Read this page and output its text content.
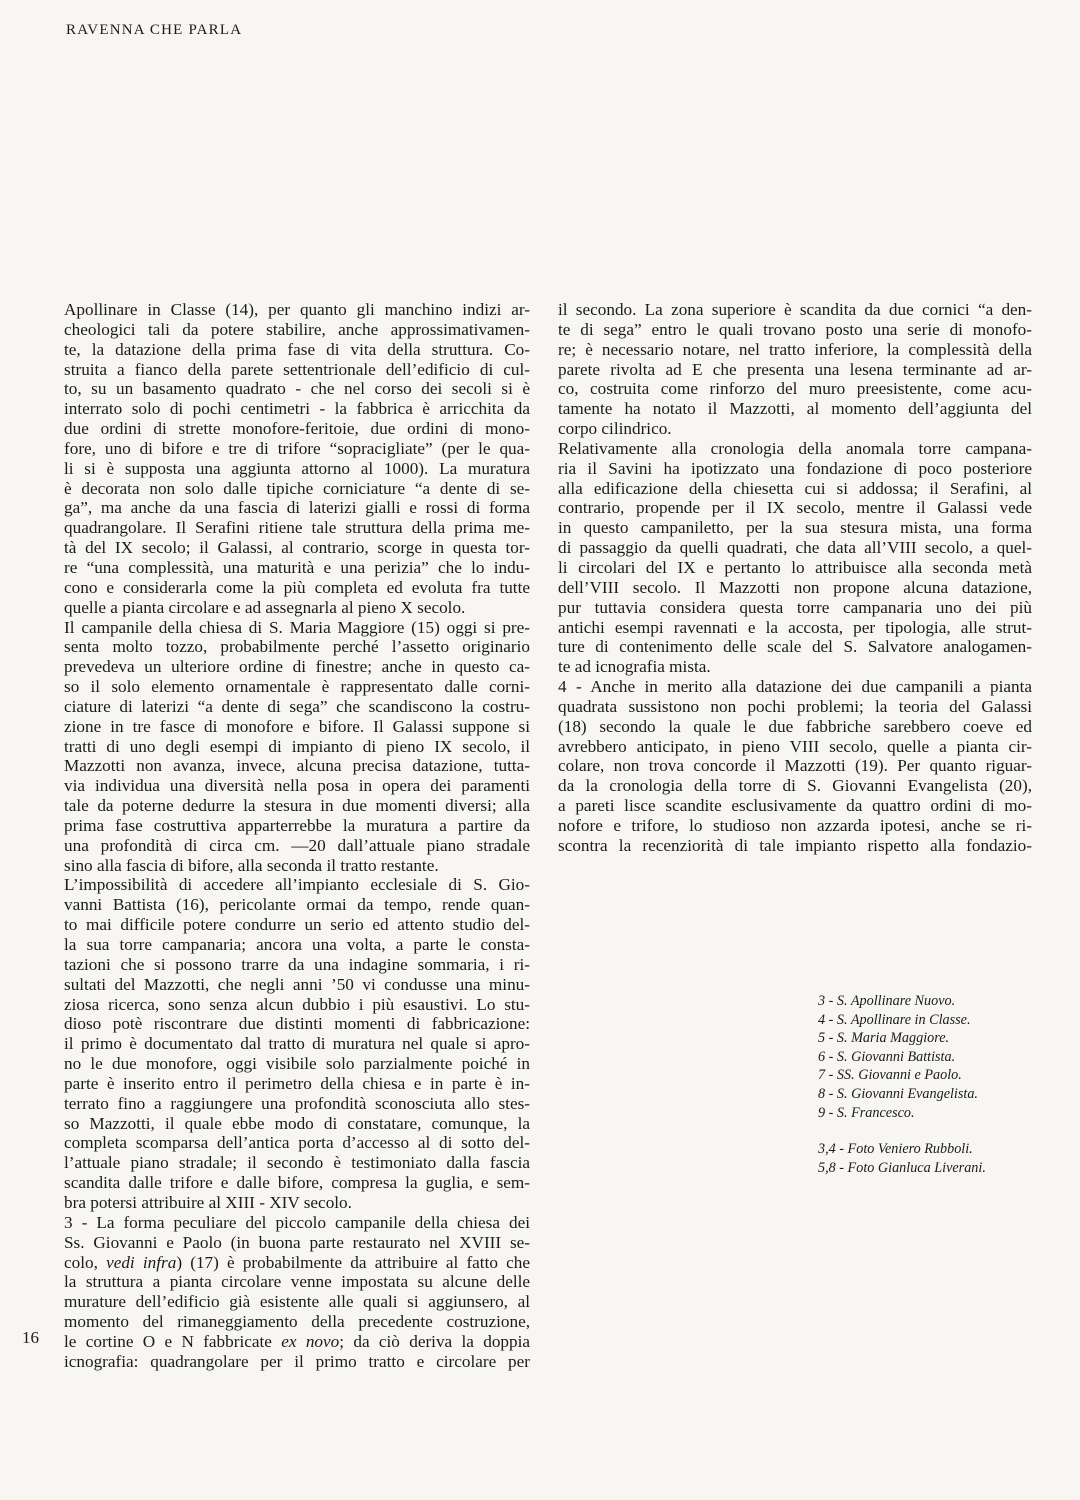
RAVENNA CHE PARLA
Apollinare in Classe (14), per quanto gli manchino indizi ar-
cheologici tali da potere stabilire, anche approssimativamen-
te, la datazione della prima fase di vita della struttura. Co-
struita a fianco della parete settentrionale dell’edificio di cul-
to, su un basamento quadrato - che nel corso dei secoli si è
interrato solo di pochi centimetri - la fabbrica è arricchita da
due ordini di strette monofore-feritoie, due ordini di mono-
fore, uno di bifore e tre di trifore “sopracigliate” (per le qua-
li si è supposta una aggiunta attorno al 1000). La muratura
è decorata non solo dalle tipiche corniciature “a dente di se-
ga”, ma anche da una fascia di laterizi gialli e rossi di forma
quadrangolare. Il Serafini ritiene tale struttura della prima me-
tà del IX secolo; il Galassi, al contrario, scorge in questa tor-
re “una complessità, una maturità e una perizia” che lo indu-
cono e considerarla come la più completa ed evoluta fra tutte
quelle a pianta circolare e ad assegnarla al pieno X secolo.
Il campanile della chiesa di S. Maria Maggiore (15) oggi si pre-
senta molto tozzo, probabilmente perché l’assetto originario
prevedeva un ulteriore ordine di finestre; anche in questo ca-
so il solo elemento ornamentale è rappresentato dalle corni-
ciature di laterizi “a dente di sega” che scandiscono la costru-
zione in tre fasce di monofore e bifore. Il Galassi suppone si
tratti di uno degli esempi di impianto di pieno IX secolo, il
Mazzotti non avanza, invece, alcuna precisa datazione, tutta-
via individua una diversità nella posa in opera dei paramenti
tale da poterne dedurre la stesura in due momenti diversi; alla
prima fase costruttiva apparterrebbe la muratura a partire da
una profondità di circa cm. —20 dall’attuale piano stradale
sino alla fascia di bifore, alla seconda il tratto restante.
L’impossibilità di accedere all’impianto ecclesiale di S. Gio-
vanni Battista (16), pericolante ormai da tempo, rende quan-
to mai difficile potere condurre un serio ed attento studio del-
la sua torre campanaria; ancora una volta, a parte le consta-
tazioni che si possono trarre da una indagine sommaria, i ri-
sultati del Mazzotti, che negli anni ’50 vi condusse una minu-
ziosa ricerca, sono senza alcun dubbio i più esaustivi. Lo stu-
dioso potè riscontrare due distinti momenti di fabbricazione:
il primo è documentato dal tratto di muratura nel quale si apro-
no le due monofore, oggi visibile solo parzialmente poiché in
parte è inserito entro il perimetro della chiesa e in parte è in-
terrato fino a raggiungere una profondità sconosciuta allo stes-
so Mazzotti, il quale ebbe modo di constatare, comunque, la
completa scomparsa dell’antica porta d’accesso al di sotto del-
l’attuale piano stradale; il secondo è testimoniato dalla fascia
scandita dalle trifore e dalle bifore, compresa la guglia, e sem-
bra potersi attribuire al XIII - XIV secolo.
3 - La forma peculiare del piccolo campanile della chiesa dei
Ss. Giovanni e Paolo (in buona parte restaurato nel XVIII se-
colo, vedi infra) (17) è probabilmente da attribuire al fatto che
la struttura a pianta circolare venne impostata su alcune delle
murature dell’edificio già esistente alle quali si aggiunsero, al
momento del rimaneggiamento della precedente costruzione,
le cortine O e N fabbricate ex novo; da ciò deriva la doppia
icnografia: quadrangolare per il primo tratto e circolare per
il secondo. La zona superiore è scandita da due cornici “a den-
te di sega” entro le quali trovano posto una serie di monofo-
re; è necessario notare, nel tratto inferiore, la complessità della
parete rivolta ad E che presenta una lesena terminante ad ar-
co, costruita come rinforzo del muro preesistente, come acu-
tamente ha notato il Mazzotti, al momento dell’aggiunta del
corpo cilindrico.
Relativamente alla cronologia della anomala torre campana-
ria il Savini ha ipotizzato una fondazione di poco posteriore
alla edificazione della chiesetta cui si addossa; il Serafini, al
contrario, propende per il IX secolo, mentre il Galassi vede
in questo campaniletto, per la sua stesura mista, una forma
di passaggio da quelli quadrati, che data all’VIII secolo, a quel-
li circolari del IX e pertanto lo attribuisce alla seconda metà
dell’VIII secolo. Il Mazzotti non propone alcuna datazione,
pur tuttavia considera questa torre campanaria uno dei più
antichi esempi ravennati e la accosta, per tipologia, alle strut-
ture di contenimento delle scale del S. Salvatore analogamen-
te ad icnografia mista.
4 - Anche in merito alla datazione dei due campanili a pianta
quadrata sussistono non pochi problemi; la teoria del Galassi
(18) secondo la quale le due fabbriche sarebbero coeve ed
avrebbero anticipato, in pieno VIII secolo, quelle a pianta cir-
colare, non trova concorde il Mazzotti (19). Per quanto riguar-
da la cronologia della torre di S. Giovanni Evangelista (20),
a pareti lisce scandite esclusivamente da quattro ordini di mo-
nofore e trifore, lo studioso non azzarda ipotesi, anche se ri-
scontra la recenziorità di tale impianto rispetto alla fondazio-
3 - S. Apollinare Nuovo.
4 - S. Apollinare in Classe.
5 - S. Maria Maggiore.
6 - S. Giovanni Battista.
7 - SS. Giovanni e Paolo.
8 - S. Giovanni Evangelista.
9 - S. Francesco.
3,4 - Foto Veniero Rubboli.
5,8 - Foto Gianluca Liverani.
16
